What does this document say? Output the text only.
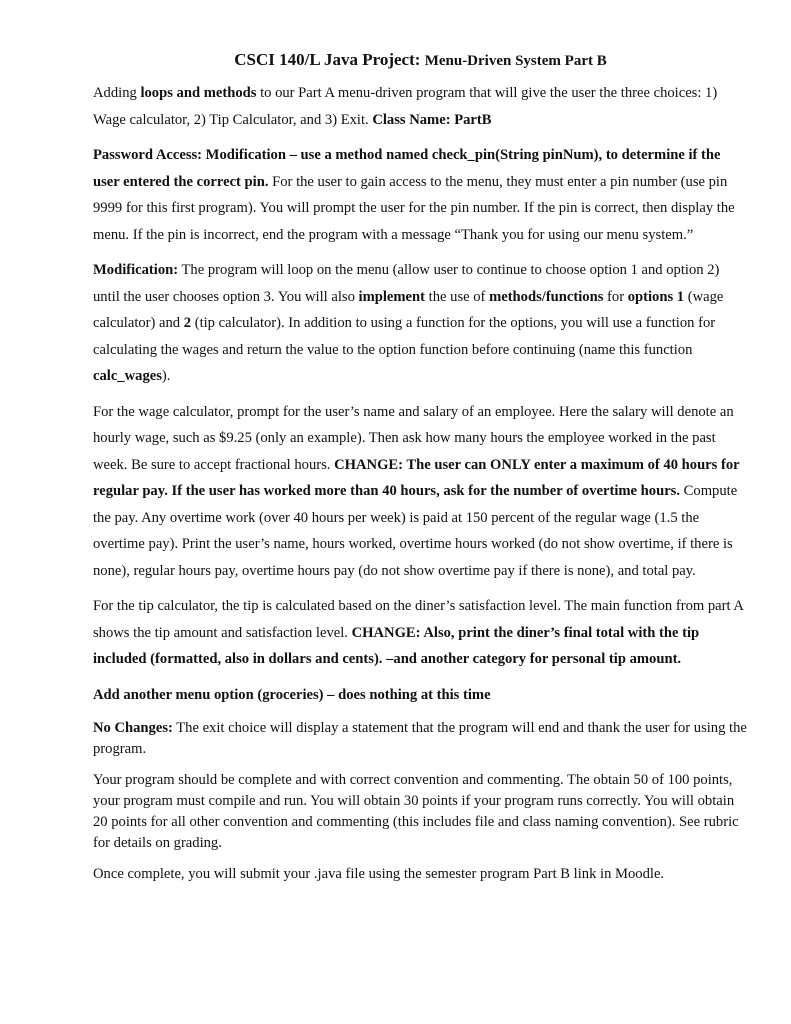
CSCI 140/L Java Project: Menu-Driven System Part B

Adding loops and methods to our Part A menu-driven program that will give the user the three choices: 1) Wage calculator, 2) Tip Calculator, and 3) Exit. Class Name: PartB

Password Access: Modification – use a method named check_pin(String pinNum), to determine if the user entered the correct pin. For the user to gain access to the menu, they must enter a pin number (use pin 9999 for this first program). You will prompt the user for the pin number. If the pin is correct, then display the menu. If the pin is incorrect, end the program with a message “Thank you for using our menu system.”

Modification: The program will loop on the menu (allow user to continue to choose option 1 and option 2) until the user chooses option 3. You will also implement the use of methods/functions for options 1 (wage calculator) and 2 (tip calculator). In addition to using a function for the options, you will use a function for calculating the wages and return the value to the option function before continuing (name this function calc_wages).

For the wage calculator, prompt for the user’s name and salary of an employee. Here the salary will denote an hourly wage, such as $9.25 (only an example). Then ask how many hours the employee worked in the past week. Be sure to accept fractional hours. CHANGE: The user can ONLY enter a maximum of 40 hours for regular pay. If the user has worked more than 40 hours, ask for the number of overtime hours. Compute the pay. Any overtime work (over 40 hours per week) is paid at 150 percent of the regular wage (1.5 the overtime pay). Print the user’s name, hours worked, overtime hours worked (do not show overtime, if there is none), regular hours pay, overtime hours pay (do not show overtime pay if there is none), and total pay.

For the tip calculator, the tip is calculated based on the diner’s satisfaction level. The main function from part A shows the tip amount and satisfaction level. CHANGE: Also, print the diner’s final total with the tip included (formatted, also in dollars and cents). –and another category for personal tip amount.

Add another menu option (groceries) – does nothing at this time

No Changes: The exit choice will display a statement that the program will end and thank the user for using the program.

Your program should be complete and with correct convention and commenting. The obtain 50 of 100 points, your program must compile and run. You will obtain 30 points if your program runs correctly. You will obtain 20 points for all other convention and commenting (this includes file and class naming convention). See rubric for details on grading.

Once complete, you will submit your .java file using the semester program Part B link in Moodle.
